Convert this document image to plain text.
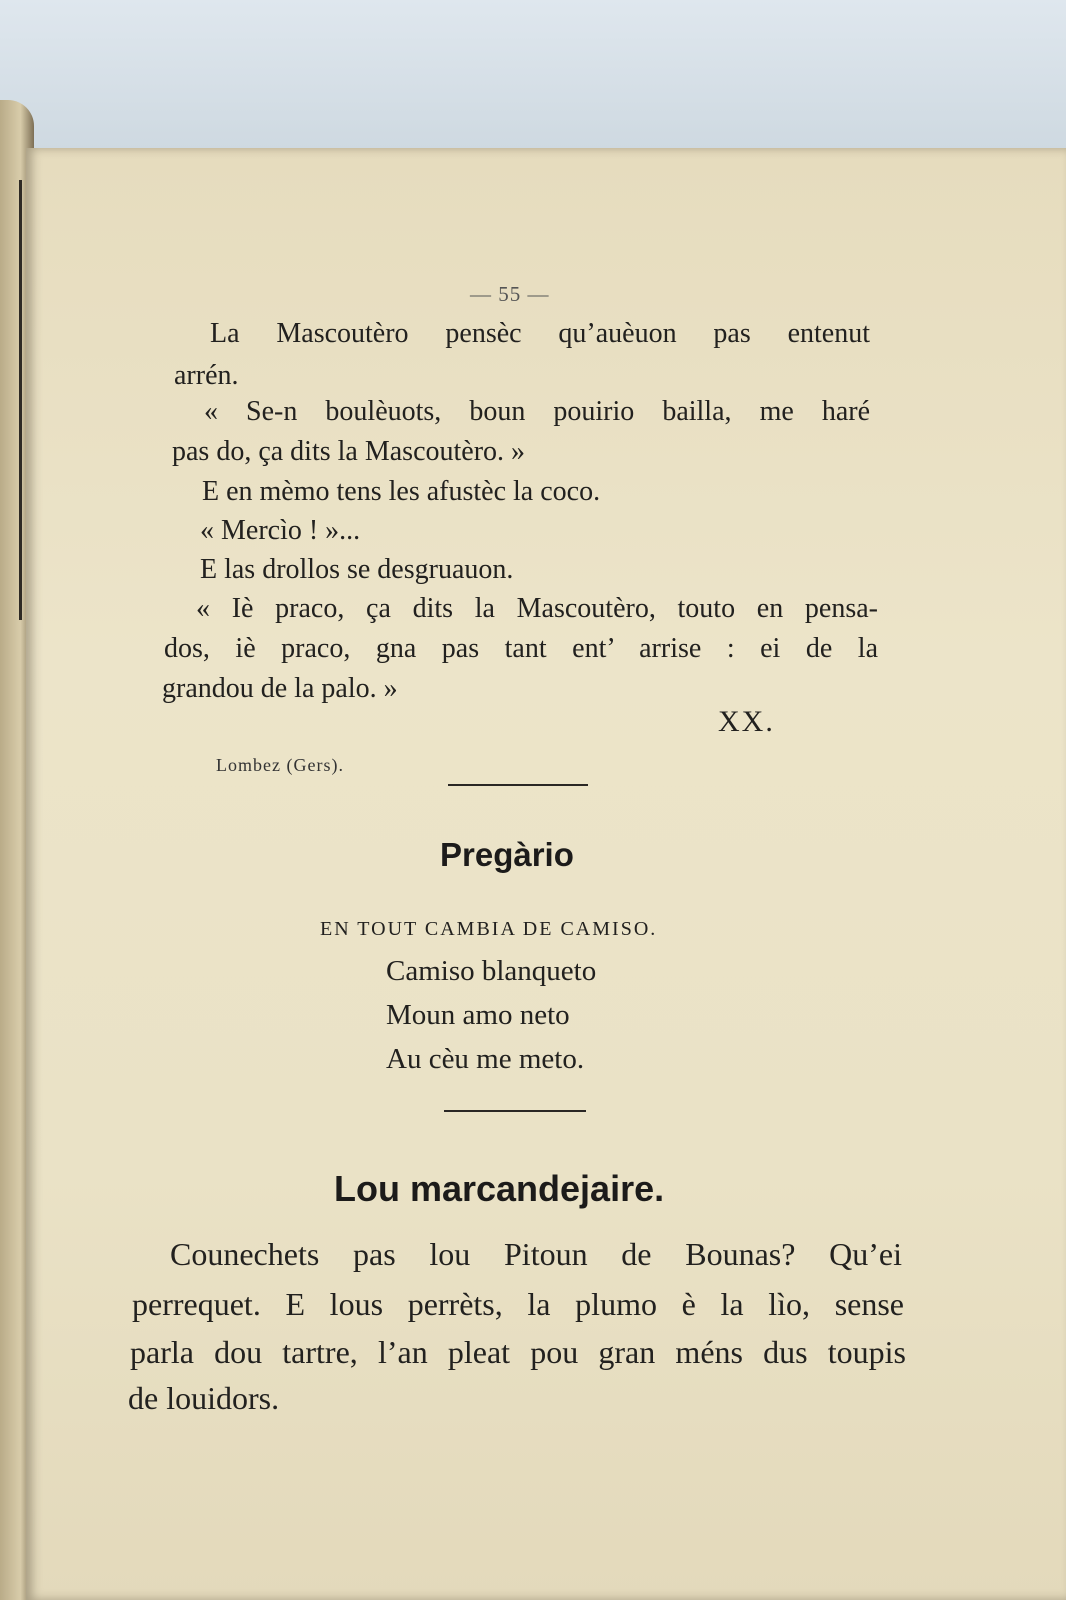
— 55 —
La Mascoutèro pensèc qu’auèuon pas entenut
arrén.
« Se-n boulèuots, boun pouirio bailla, me haré
pas do, ça dits la Mascoutèro. »
E en mèmo tens les afustèc la coco.
« Mercìo ! »...
E las drollos se desgruauon.
« Iè praco, ça dits la Mascoutèro, touto en pensa-
dos, iè praco, gna pas tant ent’ arrise : ei de la
grandou de la palo. »
XX.
Lombez (Gers).
Pregàrio
EN TOUT CAMBIA DE CAMISO.
Camiso blanqueto
Moun amo neto
Au cèu me meto.
Lou marcandejaire.
Counechets pas lou Pitoun de Bounas? Qu’ei
perrequet. E lous perrèts, la plumo è la lìo, sense
parla dou tartre, l’an pleat pou gran méns dus toupis
de louidors.
